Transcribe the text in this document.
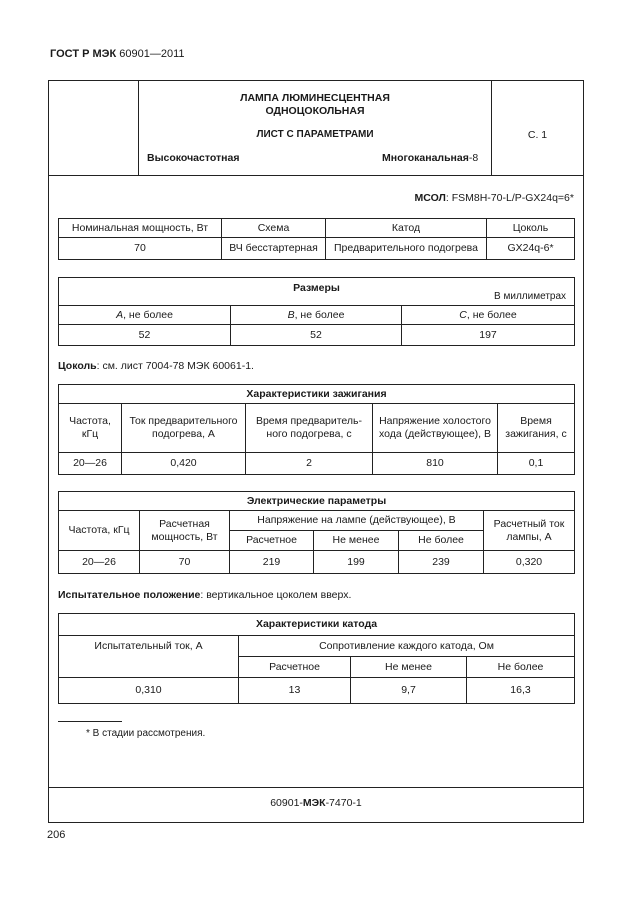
ГОСТ Р МЭК 60901—2011
ЛАМПА ЛЮМИНЕСЦЕНТНАЯ
ОДНОЦОКОЛЬНАЯ
ЛИСТ С ПАРАМЕТРАМИ
Высокочастотная	Многоканальная-8
С. 1
60901-МЭК-7470-1
МСОЛ: FSM8H-70-L/P-GX24q=6*
Номинальная мощность, Вт	Схема	Катод	Цоколь
70	ВЧ бесстартерная	Предварительного подогрева	GX24q-6*
Размеры
В миллиметрах		

A, не более	B, не более	C, не более
52	52	197
Цоколь: см. лист 7004-78 МЭК 60061-1.
Характеристики зажигания				
Частота, кГц	Ток предварительного подогрева, А	Время предваритель-ного подогрева, с	Напряжение холостого хода (действующее), В	Время зажигания, с
20—26	0,420	2	810	0,1
Электрические параметры					
Частота, кГц	Расчетная мощность, Вт	Напряжение на лампе (действующее), В			Расчетный ток лампы, А
		Расчетное	Не менее	Не более	
20—26	70	219	199	239	0,320
Испытательное положение: вертикальное цоколем вверх.
Характеристики катода			
Испытательный ток, А	Сопротивление каждого катода, Ом		
	Расчетное	Не менее	Не более
0,310	13	9,7	16,3
* В стадии рассмотрения.
206
